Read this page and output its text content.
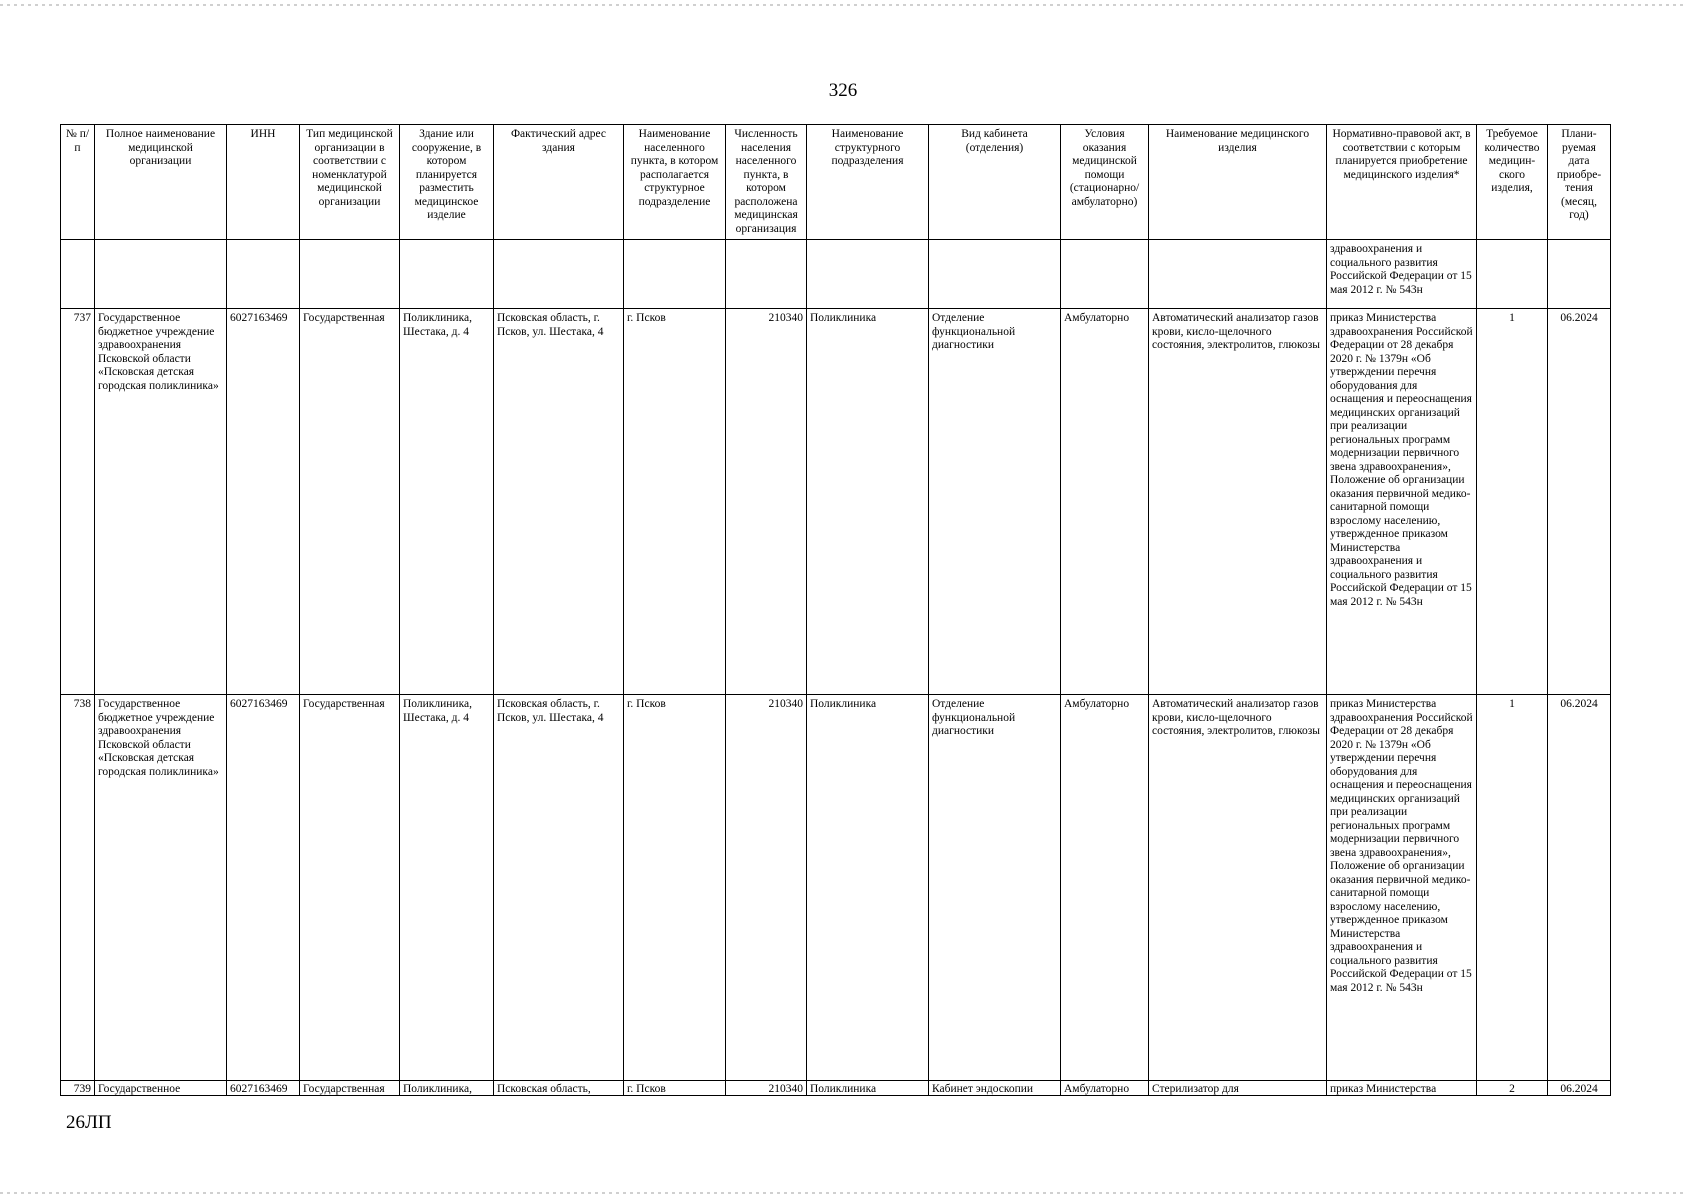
326
№ п/п	Полное наименование медицинской организации	ИНН	Тип медицинской организации в соответствии с номенклатурой медицинской организации	Здание или сооружение, в котором планируется разместить медицинское изделие	Фактический адрес здания	Наименование населенного пункта, в котором располагается структурное подразделение	Численность населения населенного пункта, в котором расположена медицинская организация	Наименование структурного подразделения	Вид кабинета (отделения)	Условия оказания медицинской помощи (стационарно/ амбулаторно)	Наименование медицинского изделия	Нормативно-правовой акт, в соответствии с которым планируется приобретение медицинского изделия*	Требуемое количество медицин-ского изделия,	Плани-руемая дата приобре-тения (месяц, год)
												здравоохранения и социального развития Российской Федерации от 15 мая 2012 г. № 543н		
737	Государственное бюджетное учреждение здравоохранения Псковской области «Псковская детская городская поликлиника»	6027163469	Государственная	Поликлиника, Шестака, д. 4	Псковская область, г. Псков, ул. Шестака, 4	г. Псков	210340	Поликлиника	Отделение функциональной диагностики	Амбулаторно	Автоматический анализатор газов крови, кисло-щелочного состояния, электролитов, глюкозы	приказ Министерства здравоохранения Российской Федерации от 28 декабря 2020 г. № 1379н «Об утверждении перечня оборудования для оснащения и переоснащения медицинских организаций при реализации региональных программ модернизации первичного звена здравоохранения», Положение об организации оказания первичной медико-санитарной помощи взрослому населению, утвержденное приказом Министерства здравоохранения и социального развития Российской Федерации от 15 мая 2012 г. № 543н	1	06.2024
738	Государственное бюджетное учреждение здравоохранения Псковской области «Псковская детская городская поликлиника»	6027163469	Государственная	Поликлиника, Шестака, д. 4	Псковская область, г. Псков, ул. Шестака, 4	г. Псков	210340	Поликлиника	Отделение функциональной диагностики	Амбулаторно	Автоматический анализатор газов крови, кисло-щелочного состояния, электролитов, глюкозы	приказ Министерства здравоохранения Российской Федерации от 28 декабря 2020 г. № 1379н «Об утверждении перечня оборудования для оснащения и переоснащения медицинских организаций при реализации региональных программ модернизации первичного звена здравоохранения», Положение об организации оказания первичной медико-санитарной помощи взрослому населению, утвержденное приказом Министерства здравоохранения и социального развития Российской Федерации от 15 мая 2012 г. № 543н	1	06.2024
739	Государственное	6027163469	Государственная	Поликлиника,	Псковская область,	г. Псков	210340	Поликлиника	Кабинет эндоскопии	Амбулаторно	Стерилизатор для	приказ Министерства	2	06.2024
26ЛП
